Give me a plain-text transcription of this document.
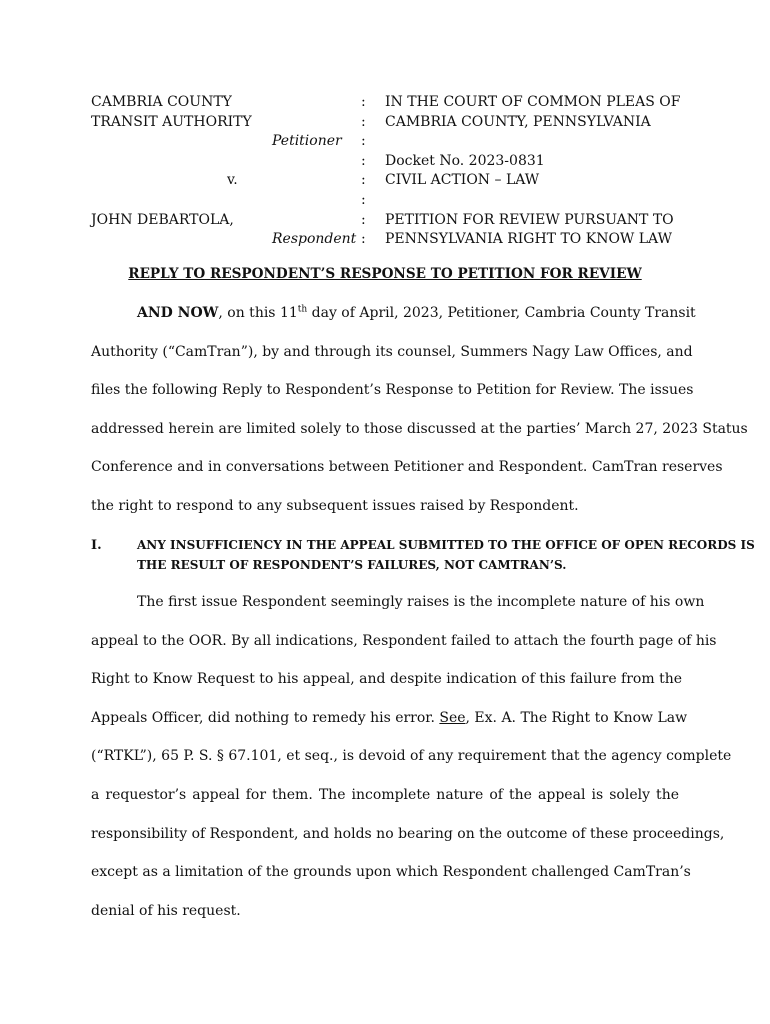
CAMBRIA COUNTY	: IN THE COURT OF COMMON PLEAS OF
TRANSIT AUTHORITY	: CAMBRIA COUNTY, PENNSYLVANIA
Petitioner :
: Docket No. 2023-0831
v.	: CIVIL ACTION – LAW
:
JOHN DEBARTOLA,	: PETITION FOR REVIEW PURSUANT TO
Respondent : PENNSYLVANIA RIGHT TO KNOW LAW
REPLY TO RESPONDENT’S RESPONSE TO PETITION FOR REVIEW
AND NOW, on this 11th day of April, 2023, Petitioner, Cambria County Transit
Authority (“CamTran”), by and through its counsel, Summers Nagy Law Offices, and
files the following Reply to Respondent’s Response to Petition for Review. The issues
addressed herein are limited solely to those discussed at the parties’ March 27, 2023 Status
Conference and in conversations between Petitioner and Respondent. CamTran reserves
the right to respond to any subsequent issues raised by Respondent.
I.	ANY INSUFFICIENCY IN THE APPEAL SUBMITTED TO THE OFFICE OF OPEN RECORDS IS
THE RESULT OF RESPONDENT’S FAILURES, NOT CAMTRAN’S.
The first issue Respondent seemingly raises is the incomplete nature of his own
appeal to the OOR. By all indications, Respondent failed to attach the fourth page of his
Right to Know Request to his appeal, and despite indication of this failure from the
Appeals Officer, did nothing to remedy his error. See, Ex. A. The Right to Know Law
(“RTKL”), 65 P. S. § 67.101, et seq., is devoid of any requirement that the agency complete
a requestor’s appeal for them. The incomplete nature of the appeal is solely the
responsibility of Respondent, and holds no bearing on the outcome of these proceedings,
except as a limitation of the grounds upon which Respondent challenged CamTran’s
denial of his request.
